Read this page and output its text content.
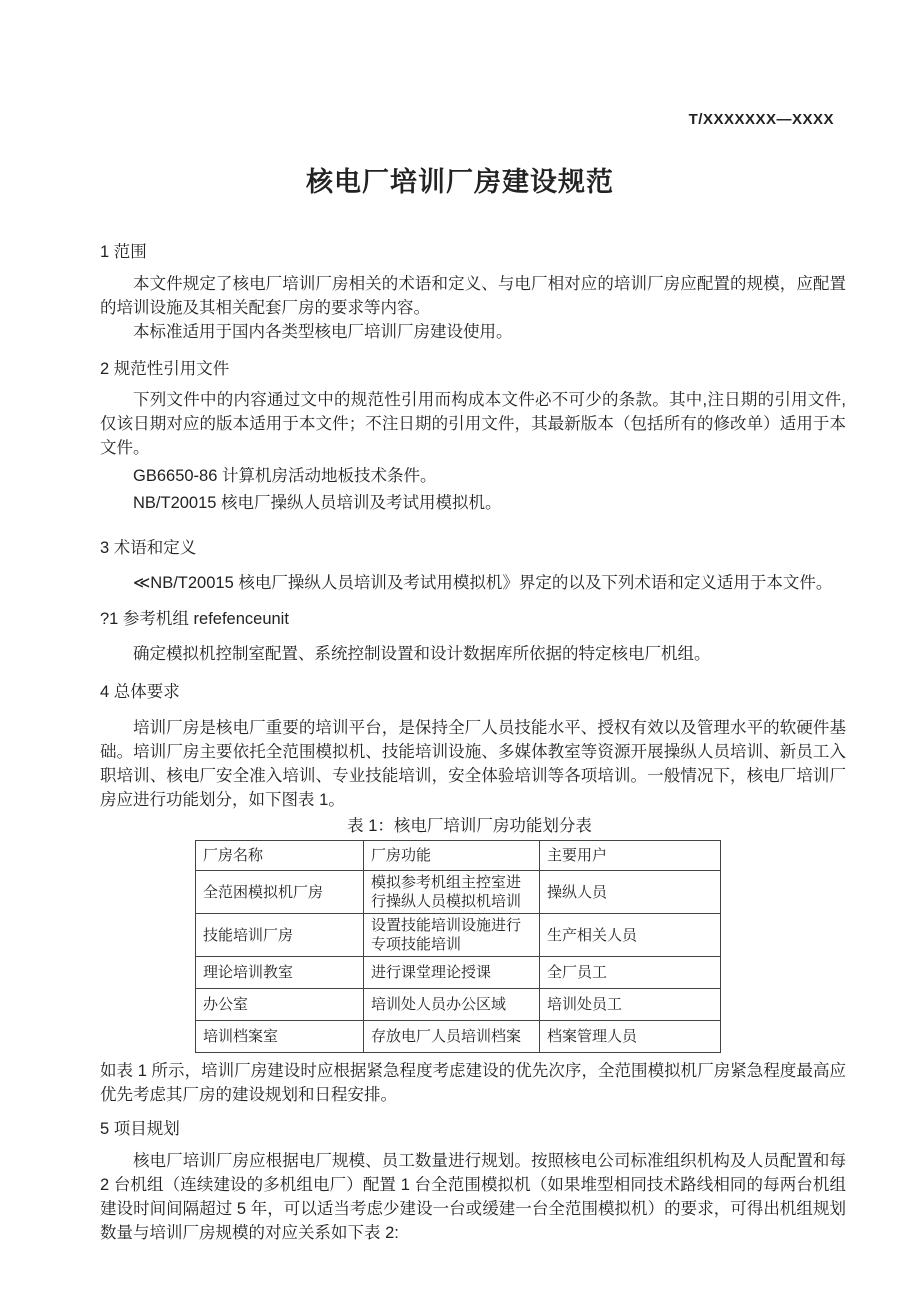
T/XXXXXXX—XXXX
核电厂培训厂房建设规范
1 范围

本文件规定了核电厂培训厂房相关的术语和定义、与电厂相对应的培训厂房应配置的规模，应配置的培训设施及其相关配套厂房的要求等内容。

本标准适用于国内各类型核电厂培训厂房建设使用。

2 规范性引用文件

下列文件中的内容通过文中的规范性引用而构成本文件必不可少的条款。其中,注日期的引用文件,仅该日期对应的版本适用于本文件；不注日期的引用文件，其最新版本（包括所有的修改单）适用于本文件。

GB6650-86 计算机房活动地板技术条件。

NB/T20015 核电厂操纵人员培训及考试用模拟机。

3 术语和定义

≪NB/T20015 核电厂操纵人员培训及考试用模拟机》界定的以及下列术语和定义适用于本文件。

?1 参考机组 refefenceunit

确定模拟机控制室配置、系统控制设置和设计数据库所依据的特定核电厂机组。

4 总体要求

培训厂房是核电厂重要的培训平台，是保持全厂人员技能水平、授权有效以及管理水平的软硬件基础。培训厂房主要依托全范围模拟机、技能培训设施、多媒体教室等资源开展操纵人员培训、新员工入职培训、核电厂安全准入培训、专业技能培训，安全体验培训等各项培训。一般情况下，核电厂培训厂房应进行功能划分，如下图表 1。

表 1：核电厂培训厂房功能划分表
厂房名称	厂房功能	主要用户
全范困模拟机厂房	模拟参考机组主控室进行操纵人员模拟机培训	操纵人员
技能培训厂房	设置技能培训设施进行专项技能培训	生产相关人员
理论培训教室	进行课堂理论授课	全厂员工
办公室	培训处人员办公区域	培训处员工
培训档案室	存放电厂人员培训档案	档案管理人员

如表 1 所示，培训厂房建设时应根据紧急程度考虑建设的优先次序，全范围模拟机厂房紧急程度最高应优先考虑其厂房的建设规划和日程安排。

5 项目规划

核电厂培训厂房应根据电厂规模、员工数量进行规划。按照核电公司标准组织机构及人员配置和每 2 台机组（连续建设的多机组电厂）配置 1 台全范围模拟机（如果堆型相同技术路线相同的每两台机组建设时间间隔超过 5 年，可以适当考虑少建设一台或缓建一台全范围模拟机）的要求，可得出机组规划数量与培训厂房规模的对应关系如下表 2:
